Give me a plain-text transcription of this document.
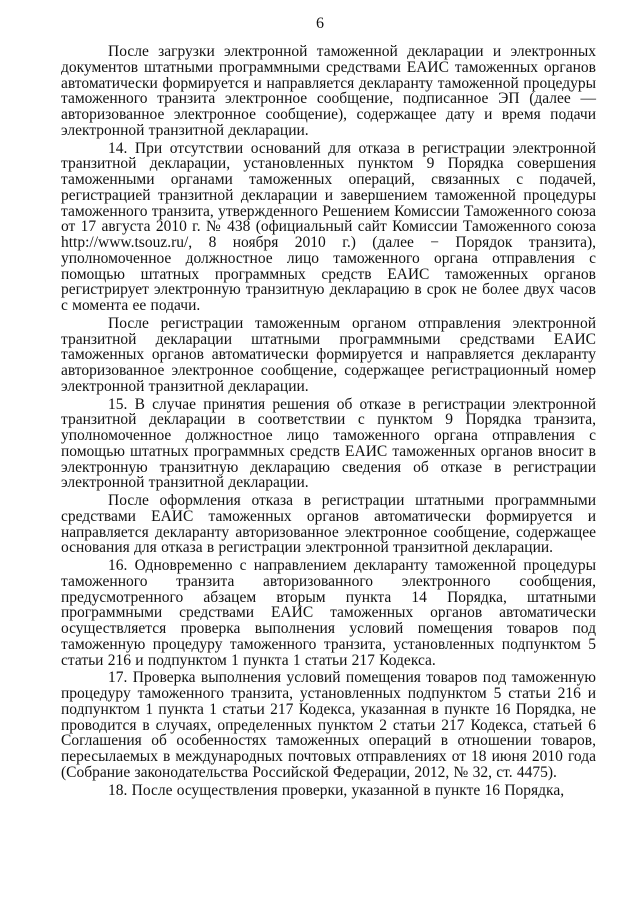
6

После загрузки электронной таможенной декларации и электронных документов штатными программными средствами ЕАИС таможенных органов автоматически формируется и направляется декларанту таможенной процедуры таможенного транзита электронное сообщение, подписанное ЭП (далее — авторизованное электронное сообщение), содержащее дату и время подачи электронной транзитной декларации.

14. При отсутствии оснований для отказа в регистрации электронной транзитной декларации, установленных пунктом 9 Порядка совершения таможенными органами таможенных операций, связанных с подачей, регистрацией транзитной декларации и завершением таможенной процедуры таможенного транзита, утвержденного Решением Комиссии Таможенного союза от 17 августа 2010 г. № 438 (официальный сайт Комиссии Таможенного союза http://www.tsouz.ru/, 8 ноября 2010 г.) (далее − Порядок транзита), уполномоченное должностное лицо таможенного органа отправления с помощью штатных программных средств ЕАИС таможенных органов регистрирует электронную транзитную декларацию в срок не более двух часов с момента ее подачи.

После регистрации таможенным органом отправления электронной транзитной декларации штатными программными средствами ЕАИС таможенных органов автоматически формируется и направляется декларанту авторизованное электронное сообщение, содержащее регистрационный номер электронной транзитной декларации.

15. В случае принятия решения об отказе в регистрации электронной транзитной декларации в соответствии с пунктом 9 Порядка транзита, уполномоченное должностное лицо таможенного органа отправления с помощью штатных программных средств ЕАИС таможенных органов вносит в электронную транзитную декларацию сведения об отказе в регистрации электронной транзитной декларации.

После оформления отказа в регистрации штатными программными средствами ЕАИС таможенных органов автоматически формируется и направляется декларанту авторизованное электронное сообщение, содержащее основания для отказа в регистрации электронной транзитной декларации.

16. Одновременно с направлением декларанту таможенной процедуры таможенного транзита авторизованного электронного сообщения, предусмотренного абзацем вторым пункта 14 Порядка, штатными программными средствами ЕАИС таможенных органов автоматически осуществляется проверка выполнения условий помещения товаров под таможенную процедуру таможенного транзита, установленных подпунктом 5 статьи 216 и подпунктом 1 пункта 1 статьи 217 Кодекса.

17. Проверка выполнения условий помещения товаров под таможенную процедуру таможенного транзита, установленных подпунктом 5 статьи 216 и подпунктом 1 пункта 1 статьи 217 Кодекса, указанная в пункте 16 Порядка, не проводится в случаях, определенных пунктом 2 статьи 217 Кодекса, статьей 6 Соглашения об особенностях таможенных операций в отношении товаров, пересылаемых в международных почтовых отправлениях от 18 июня 2010 года (Собрание законодательства Российской Федерации, 2012, № 32, ст. 4475).

18. После осуществления проверки, указанной в пункте 16 Порядка,
